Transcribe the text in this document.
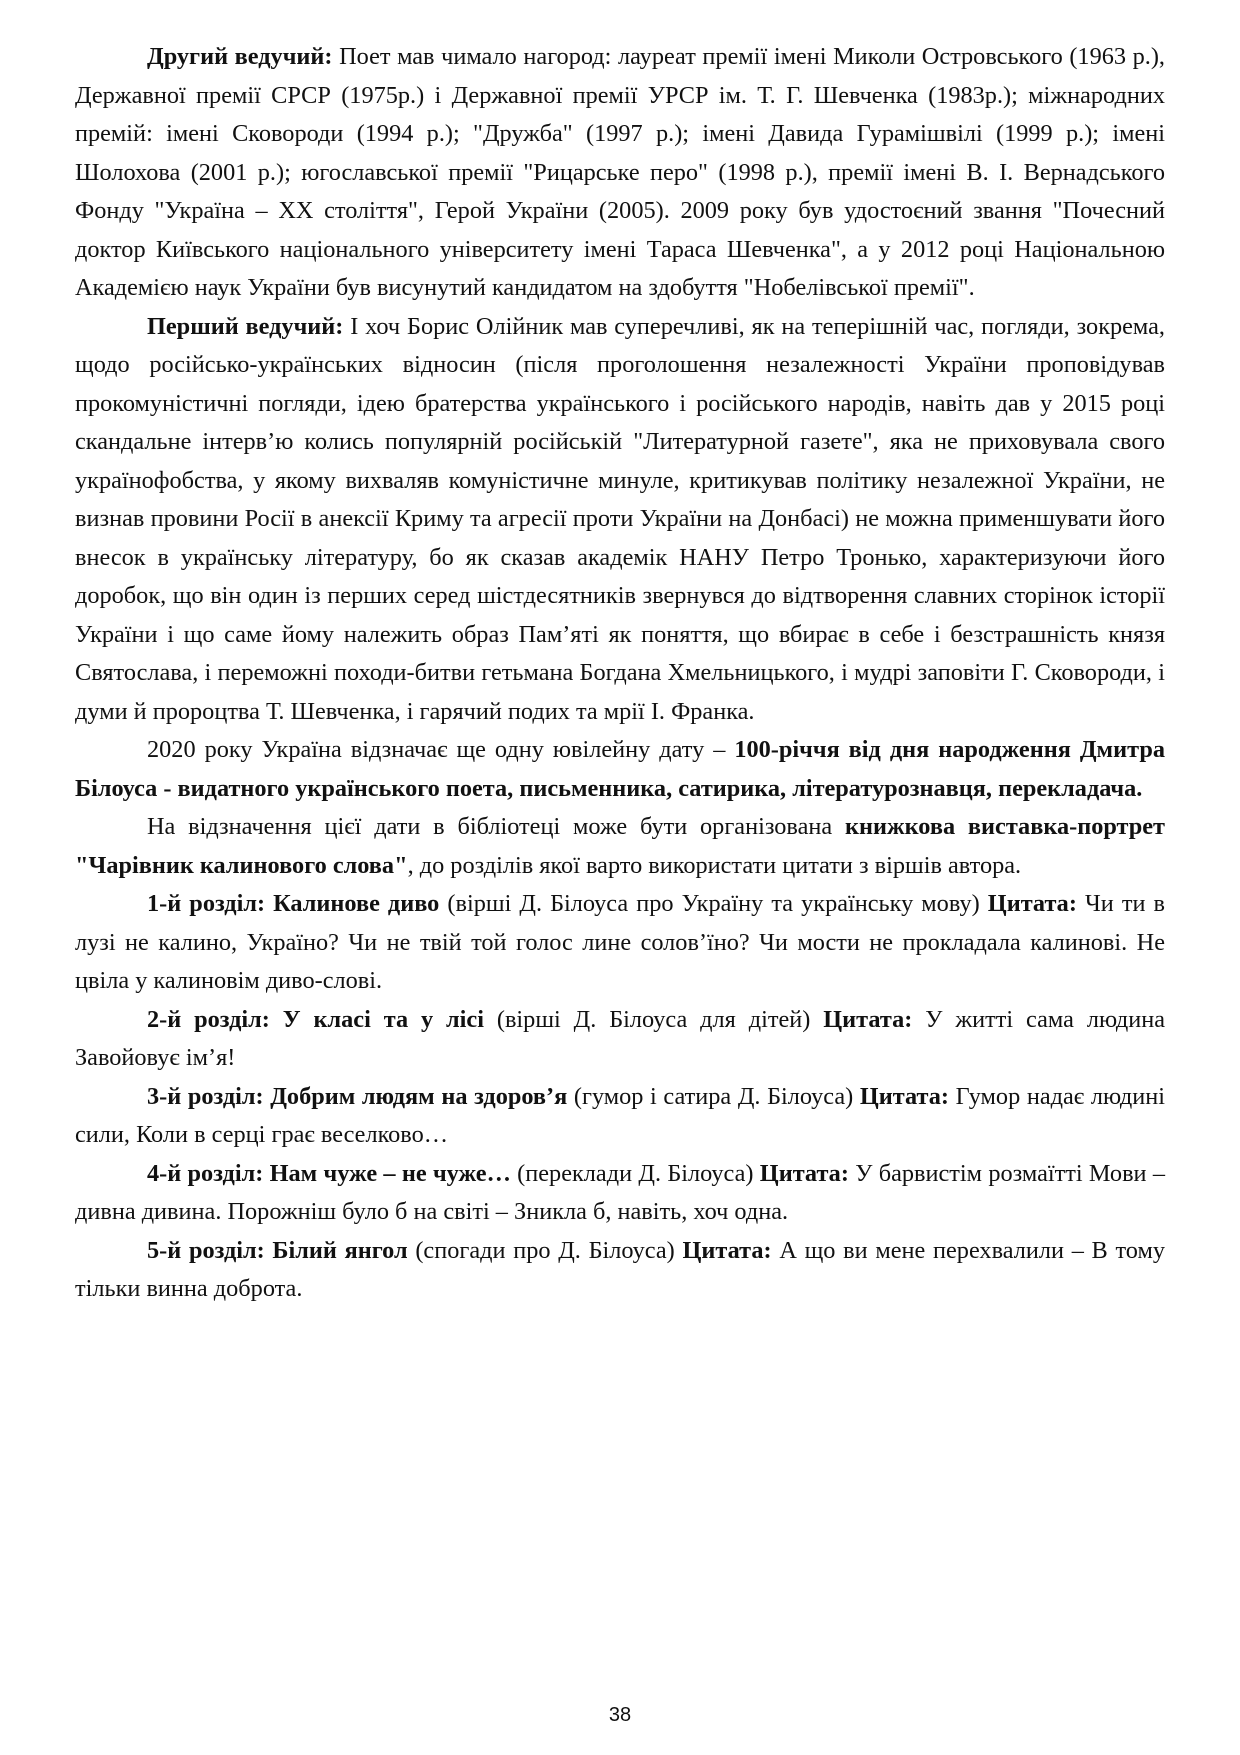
Другий ведучий: Поет мав чимало нагород: лауреат премії імені Миколи Островського (1963 р.), Державної премії СРСР (1975р.) і Державної премії УРСР ім. Т. Г. Шевченка (1983р.); міжнародних премій: імені Сковороди (1994 р.); "Дружба" (1997 р.); імені Давида Гурамішвілі (1999 р.); імені Шолохова (2001 р.); югославської премії "Рицарське перо" (1998 р.), премії імені В. І. Вернадського Фонду "Україна – XX століття", Герой України (2005). 2009 року був удостоєний звання "Почесний доктор Київського національного університету імені Тараса Шевченка", а у 2012 році Національною Академією наук України був висунутий кандидатом на здобуття "Нобелівської премії".

Перший ведучий: І хоч Борис Олійник мав суперечливі, як на теперішній час, погляди, зокрема, щодо російсько-українських відносин (після проголошення незалежності України проповідував прокомуністичні погляди, ідею братерства українського і російського народів, навіть дав у 2015 році скандальне інтерв’ю колись популярній російській "Литературной газете", яка не приховувала свого українофобства, у якому вихваляв комуністичне минуле, критикував політику незалежної України, не визнав провини Росії в анексії Криму та агресії проти України на Донбасі) не можна применшувати його внесок в українську літературу, бо як сказав академік НАНУ Петро Тронько, характеризуючи його доробок, що він один із перших серед шістдесятників звернувся до відтворення славних сторінок історії України і що саме йому належить образ Пам’яті як поняття, що вбирає в себе і безстрашність князя Святослава, і переможні походи-битви гетьмана Богдана Хмельницького, і мудрі заповіти Г. Сковороди, і думи й пророцтва Т. Шевченка, і гарячий подих та мрії І. Франка.

2020 року Україна відзначає ще одну ювілейну дату – 100-річчя від дня народження Дмитра Білоуса - видатного українського поета, письменника, сатирика, літературознавця, перекладача.

На відзначення цієї дати в бібліотеці може бути організована книжкова виставка-портрет "Чарівник калинового слова", до розділів якої варто використати цитати з віршів автора.

1-й розділ: Калинове диво (вірші Д. Білоуса про Україну та українську мову) Цитата: Чи ти в лузі не калино, Україно? Чи не твій той голос лине солов’їно? Чи мости не прокладала калинові. Не цвіла у калиновім диво-слові.

2-й розділ: У класі та у лісі (вірші Д. Білоуса для дітей) Цитата: У житті сама людина Завойовує ім’я!

3-й розділ: Добрим людям на здоров’я (гумор і сатира Д. Білоуса) Цитата: Гумор надає людині сили, Коли в серці грає веселково…

4-й розділ: Нам чуже – не чуже… (переклади Д. Білоуса) Цитата: У барвистім розмаїтті Мови – дивна дивина. Порожніш було б на світі – Зникла б, навіть, хоч одна.

5-й розділ: Білий янгол (спогади про Д. Білоуса) Цитата: А що ви мене перехвалили – В тому тільки винна доброта.

38
